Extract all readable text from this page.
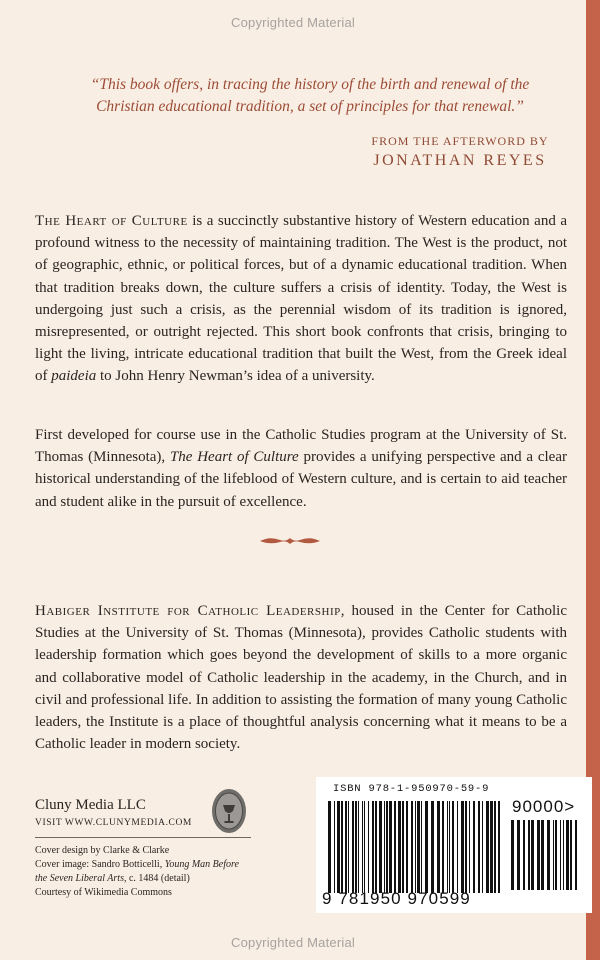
Copyrighted Material
“This book offers, in tracing the history of the birth and renewal of the
Christian educational tradition, a set of principles for that renewal.”
FROM THE AFTERWORD BY
JONATHAN REYES
The Heart of Culture is a succinctly substantive history of Western education and a profound witness to the necessity of maintaining tradition. The West is the product, not of geographic, ethnic, or political forces, but of a dynamic educational tradition. When that tradition breaks down, the culture suffers a crisis of identity. Today, the West is undergoing just such a crisis, as the perennial wisdom of its tradition is ignored, misrepresented, or outright rejected. This short book confronts that crisis, bringing to light the living, intricate educational tradition that built the West, from the Greek ideal of paideia to John Henry Newman’s idea of a university.
First developed for course use in the Catholic Studies program at the University of St. Thomas (Minnesota), The Heart of Culture provides a unifying perspective and a clear historical understanding of the lifeblood of Western culture, and is certain to aid teacher and student alike in the pursuit of excellence.
Habiger Institute for Catholic Leadership, housed in the Center for Catholic Studies at the University of St. Thomas (Minnesota), provides Catholic students with leadership formation which goes beyond the development of skills to a more organic and collaborative model of Catholic leadership in the academy, in the Church, and in civil and professional life. In addition to assisting the formation of many young Catholic leaders, the Institute is a place of thoughtful analysis concerning what it means to be a Catholic leader in modern society.
Cluny Media LLC
VISIT WWW.CLUNYMEDIA.COM
Cover design by Clarke & Clarke
Cover image: Sandro Botticelli, Young Man Before
the Seven Liberal Arts, c. 1484 (detail)
Courtesy of Wikimedia Commons
ISBN 978-1-950970-59-9
90000>
9 781950 970599
Copyrighted Material
